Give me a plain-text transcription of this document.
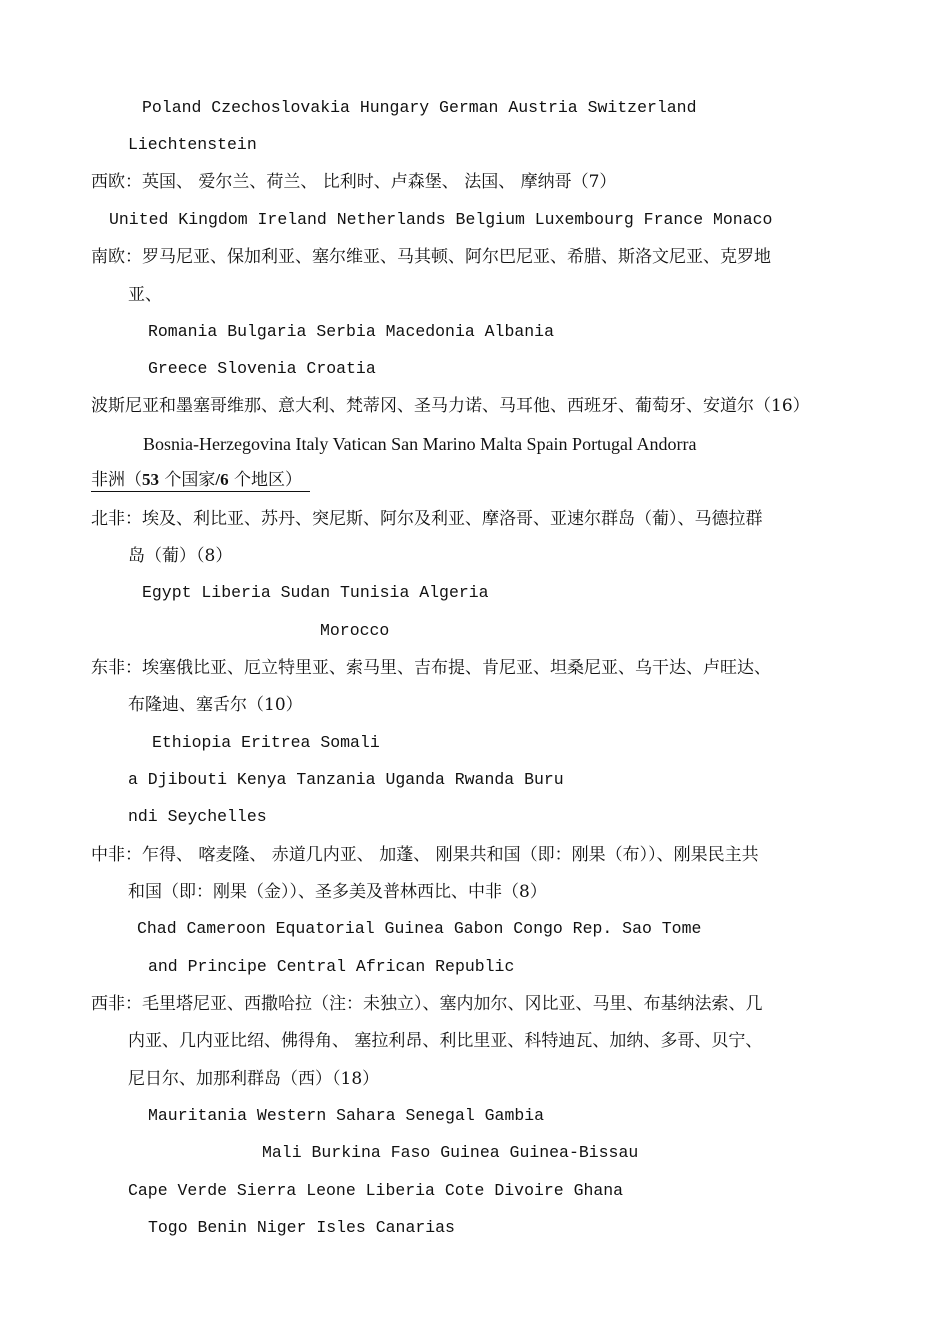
Poland Czechoslovakia Hungary German Austria Switzerland
Liechtenstein
西欧：英国、 爱尔兰、荷兰、 比利时、卢森堡、 法国、 摩纳哥（7）
United Kingdom Ireland Netherlands Belgium Luxembourg France Monaco
南欧：罗马尼亚、保加利亚、塞尔维亚、马其顿、阿尔巴尼亚、希腊、斯洛文尼亚、克罗地
亚、
Romania Bulgaria Serbia Macedonia Albania
Greece Slovenia Croatia
波斯尼亚和墨塞哥维那、意大利、梵蒂冈、圣马力诺、马耳他、西班牙、葡萄牙、安道尔（16）
Bosnia-Herzegovina Italy Vatican San Marino Malta Spain Portugal Andorra
非洲（53 个国家/6 个地区）
北非：埃及、利比亚、苏丹、突尼斯、阿尔及利亚、摩洛哥、亚速尔群岛（葡）、马德拉群
岛（葡）（8）
Egypt Liberia Sudan Tunisia Algeria
Morocco
东非：埃塞俄比亚、厄立特里亚、索马里、吉布提、肯尼亚、坦桑尼亚、乌干达、卢旺达、
布隆迪、塞舌尔（10）
Ethiopia Eritrea Somali
a Djibouti Kenya Tanzania Uganda Rwanda Buru
ndi Seychelles
中非：乍得、 喀麦隆、 赤道几内亚、 加蓬、 刚果共和国（即：刚果（布））、刚果民主共
和国（即：刚果（金））、圣多美及普林西比、中非（8）
Chad Cameroon Equatorial Guinea Gabon Congo Rep. Sao Tome
and Principe Central African Republic
西非：毛里塔尼亚、西撒哈拉（注：未独立）、塞内加尔、冈比亚、马里、布基纳法索、几
内亚、几内亚比绍、佛得角、 塞拉利昂、利比里亚、科特迪瓦、加纳、多哥、贝宁、
尼日尔、加那利群岛（西）（18）
Mauritania Western Sahara Senegal Gambia
Mali Burkina Faso Guinea Guinea-Bissau
Cape Verde Sierra Leone Liberia Cote Divoire Ghana
Togo Benin Niger Isles Canarias
